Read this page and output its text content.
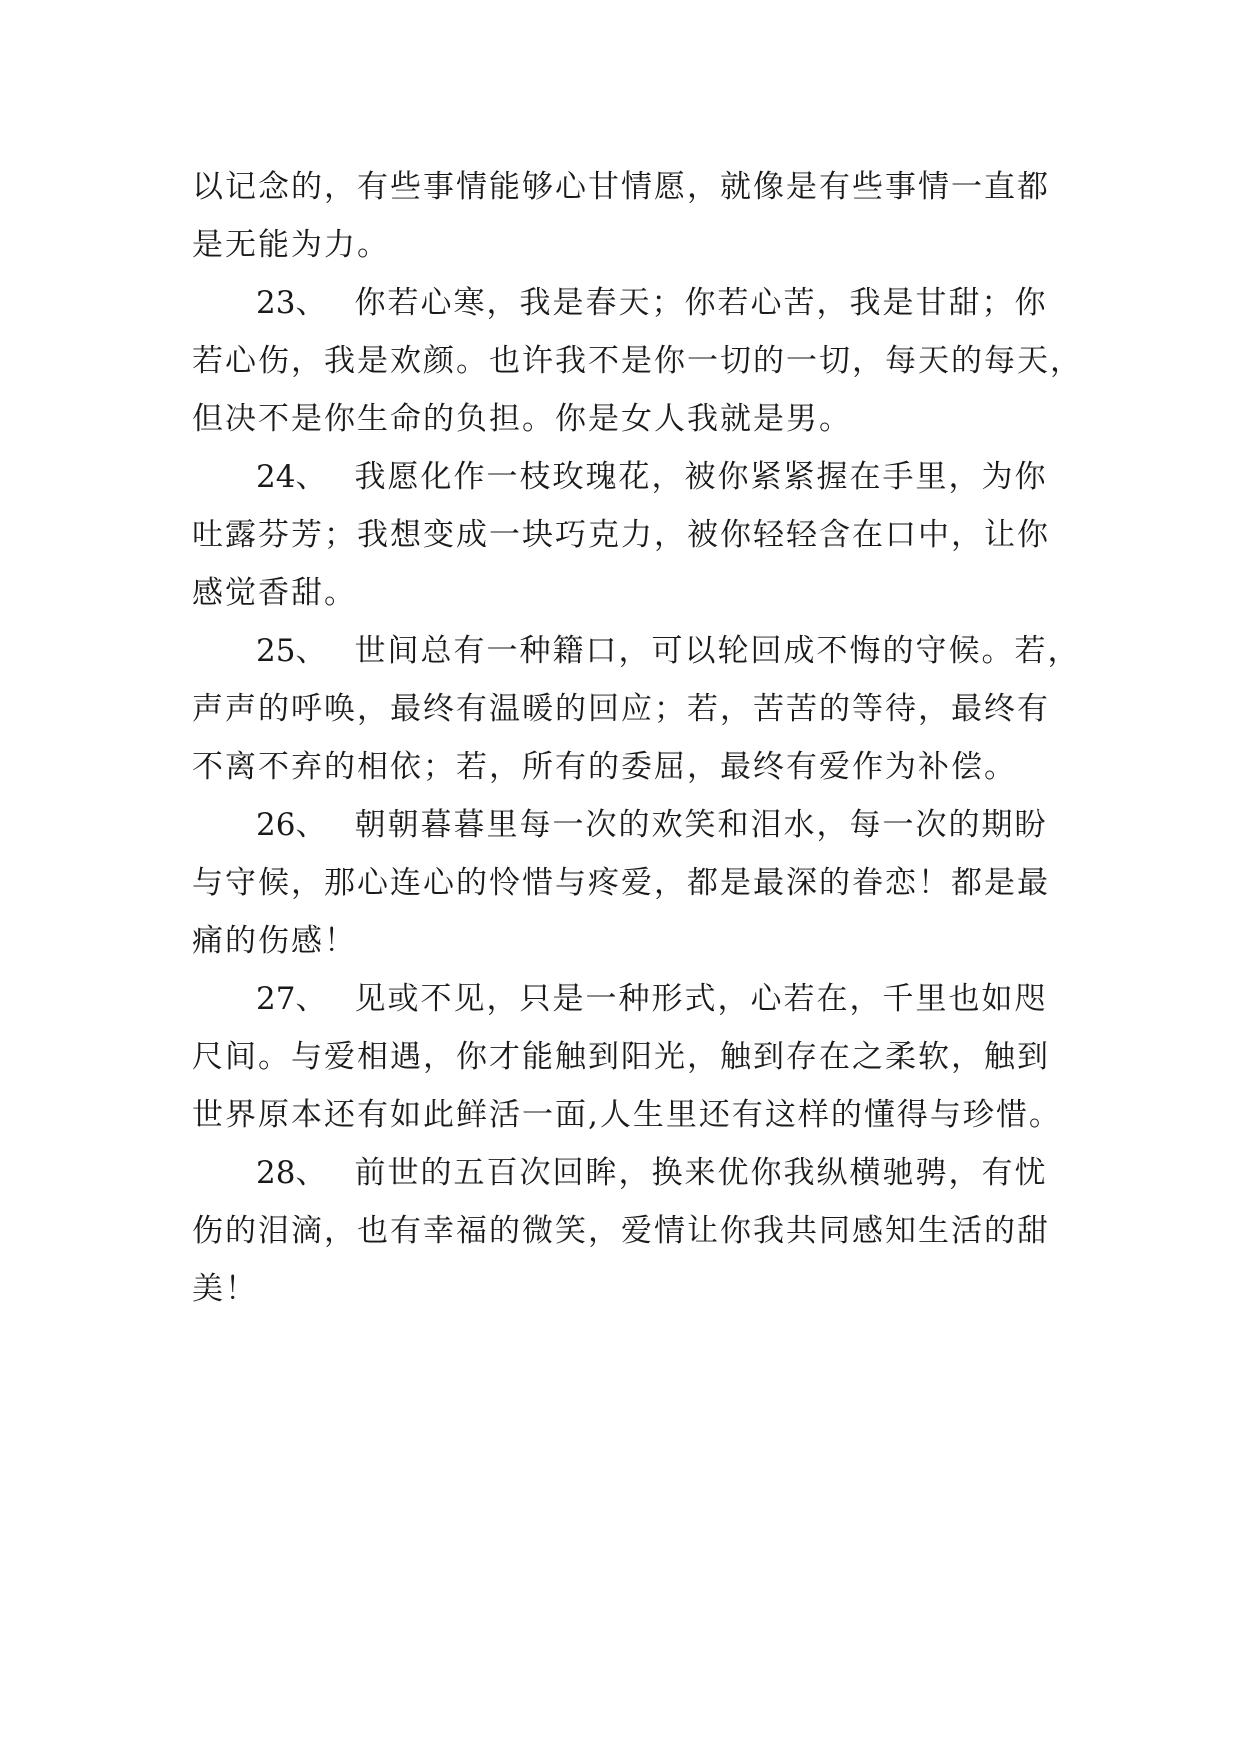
以记念的，有些事情能够心甘情愿，就像是有些事情一直都
是无能为力。
23、 你若心寒，我是春天；你若心苦，我是甘甜；你
若心伤，我是欢颜。也许我不是你一切的一切，每天的每天，
但决不是你生命的负担。你是女人我就是男。
24、 我愿化作一枝玫瑰花，被你紧紧握在手里，为你
吐露芬芳；我想变成一块巧克力，被你轻轻含在口中，让你
感觉香甜。
25、 世间总有一种籍口，可以轮回成不悔的守候。若，
声声的呼唤，最终有温暖的回应；若，苦苦的等待，最终有
不离不弃的相依；若，所有的委屈，最终有爱作为补偿。
26、 朝朝暮暮里每一次的欢笑和泪水，每一次的期盼
与守候，那心连心的怜惜与疼爱，都是最深的眷恋！都是最
痛的伤感！
27、 见或不见，只是一种形式，心若在，千里也如咫
尺间。与爱相遇，你才能触到阳光，触到存在之柔软，触到
世界原本还有如此鲜活一面,人生里还有这样的懂得与珍惜。
28、 前世的五百次回眸，换来优你我纵横驰骋，有忧
伤的泪滴，也有幸福的微笑，爱情让你我共同感知生活的甜
美！
